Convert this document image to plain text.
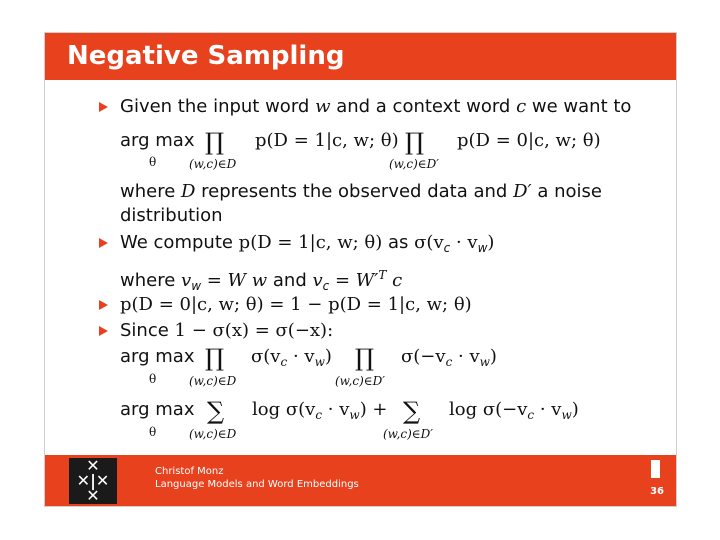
Negative Sampling
Given the input word w and a context word c we want to
arg max
θ
∏
(w,c)∈D
p(D = 1|c, w; θ) ∏
(w,c)∈D′
p(D = 0|c, w; θ)
where D represents the observed data and D′ a noise
distribution
We compute p(D = 1|c, w; θ) as $\sigma(v_c \cdot v_w)$
where $v_w = W$ w and $v_c = W'^T$ c
p(D = 0|c, w; θ) = 1 − p(D = 1|c, w; θ)
Since 1 − σ(x) = σ(−x):
arg max
θ
∏
(w,c)∈D
$\sigma(v_c \cdot v_w)$ ∏
(w,c)∈D′
$\sigma(-v_c \cdot v_w)$
arg max
θ
∑
(w,c)∈D
$\log \sigma(v_c \cdot v_w)$ + ∑
(w,c)∈D′
$\log \sigma(-v_c \cdot v_w)$
✕
✕|✕
✕
Christof Monz
Language Models and Word Embeddings
36
